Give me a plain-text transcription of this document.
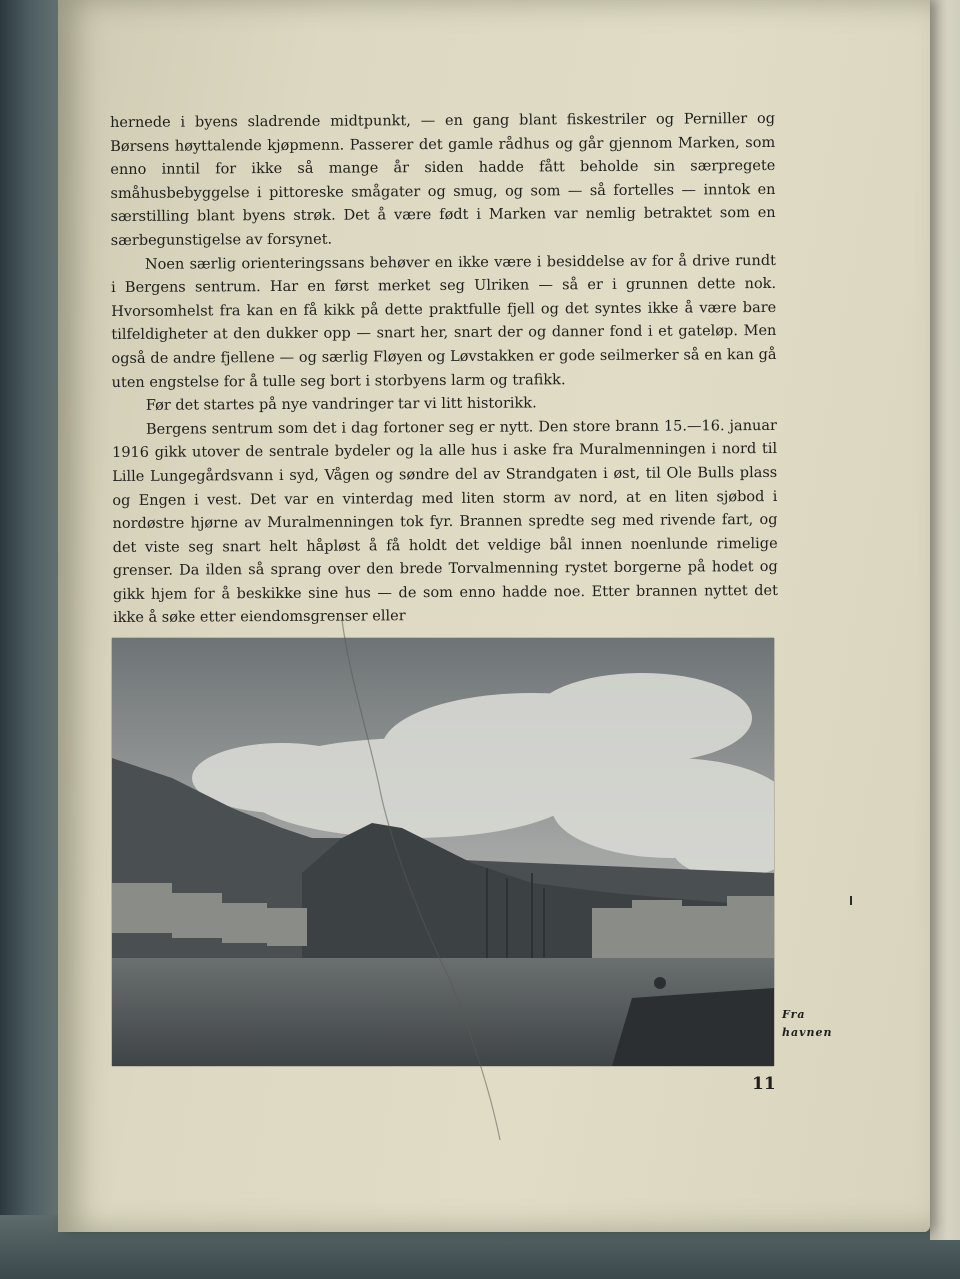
hernede i byens sladrende midtpunkt, — en gang blant fiskestriler og Perniller og Børsens høyttalende kjøpmenn. Passerer det gamle rådhus og går gjennom Marken, som enno inntil for ikke så mange år siden hadde fått beholde sin særpregete småhusbebyggelse i pittoreske smågater og smug, og som — så fortelles — inntok en særstilling blant byens strøk. Det å være født i Marken var nemlig betraktet som en særbegunstigelse av forsynet.

Noen særlig orienteringssans behøver en ikke være i besiddelse av for å drive rundt i Bergens sentrum. Har en først merket seg Ulriken — så er i grunnen dette nok. Hvorsomhelst fra kan en få kikk på dette praktfulle fjell og det syntes ikke å være bare tilfeldigheter at den dukker opp — snart her, snart der og danner fond i et gateløp. Men også de andre fjellene — og særlig Fløyen og Løvstakken er gode seilmerker så en kan gå uten engstelse for å tulle seg bort i storbyens larm og trafikk.

Før det startes på nye vandringer tar vi litt historikk.

Bergens sentrum som det i dag fortoner seg er nytt. Den store brann 15.—16. januar 1916 gikk utover de sentrale bydeler og la alle hus i aske fra Muralmenningen i nord til Lille Lungegårdsvann i syd, Vågen og søndre del av Strandgaten i øst, til Ole Bulls plass og Engen i vest. Det var en vinterdag med liten storm av nord, at en liten sjøbod i nordøstre hjørne av Muralmenningen tok fyr. Brannen spredte seg med rivende fart, og det viste seg snart helt håpløst å få holdt det veldige bål innen noenlunde rimelige grenser. Da ilden så sprang over den brede Torvalmenning rystet borgerne på hodet og gikk hjem for å beskikke sine hus — de som enno hadde noe. Etter brannen nyttet det ikke å søke etter eiendomsgrenser eller

Fra
havnen
11
